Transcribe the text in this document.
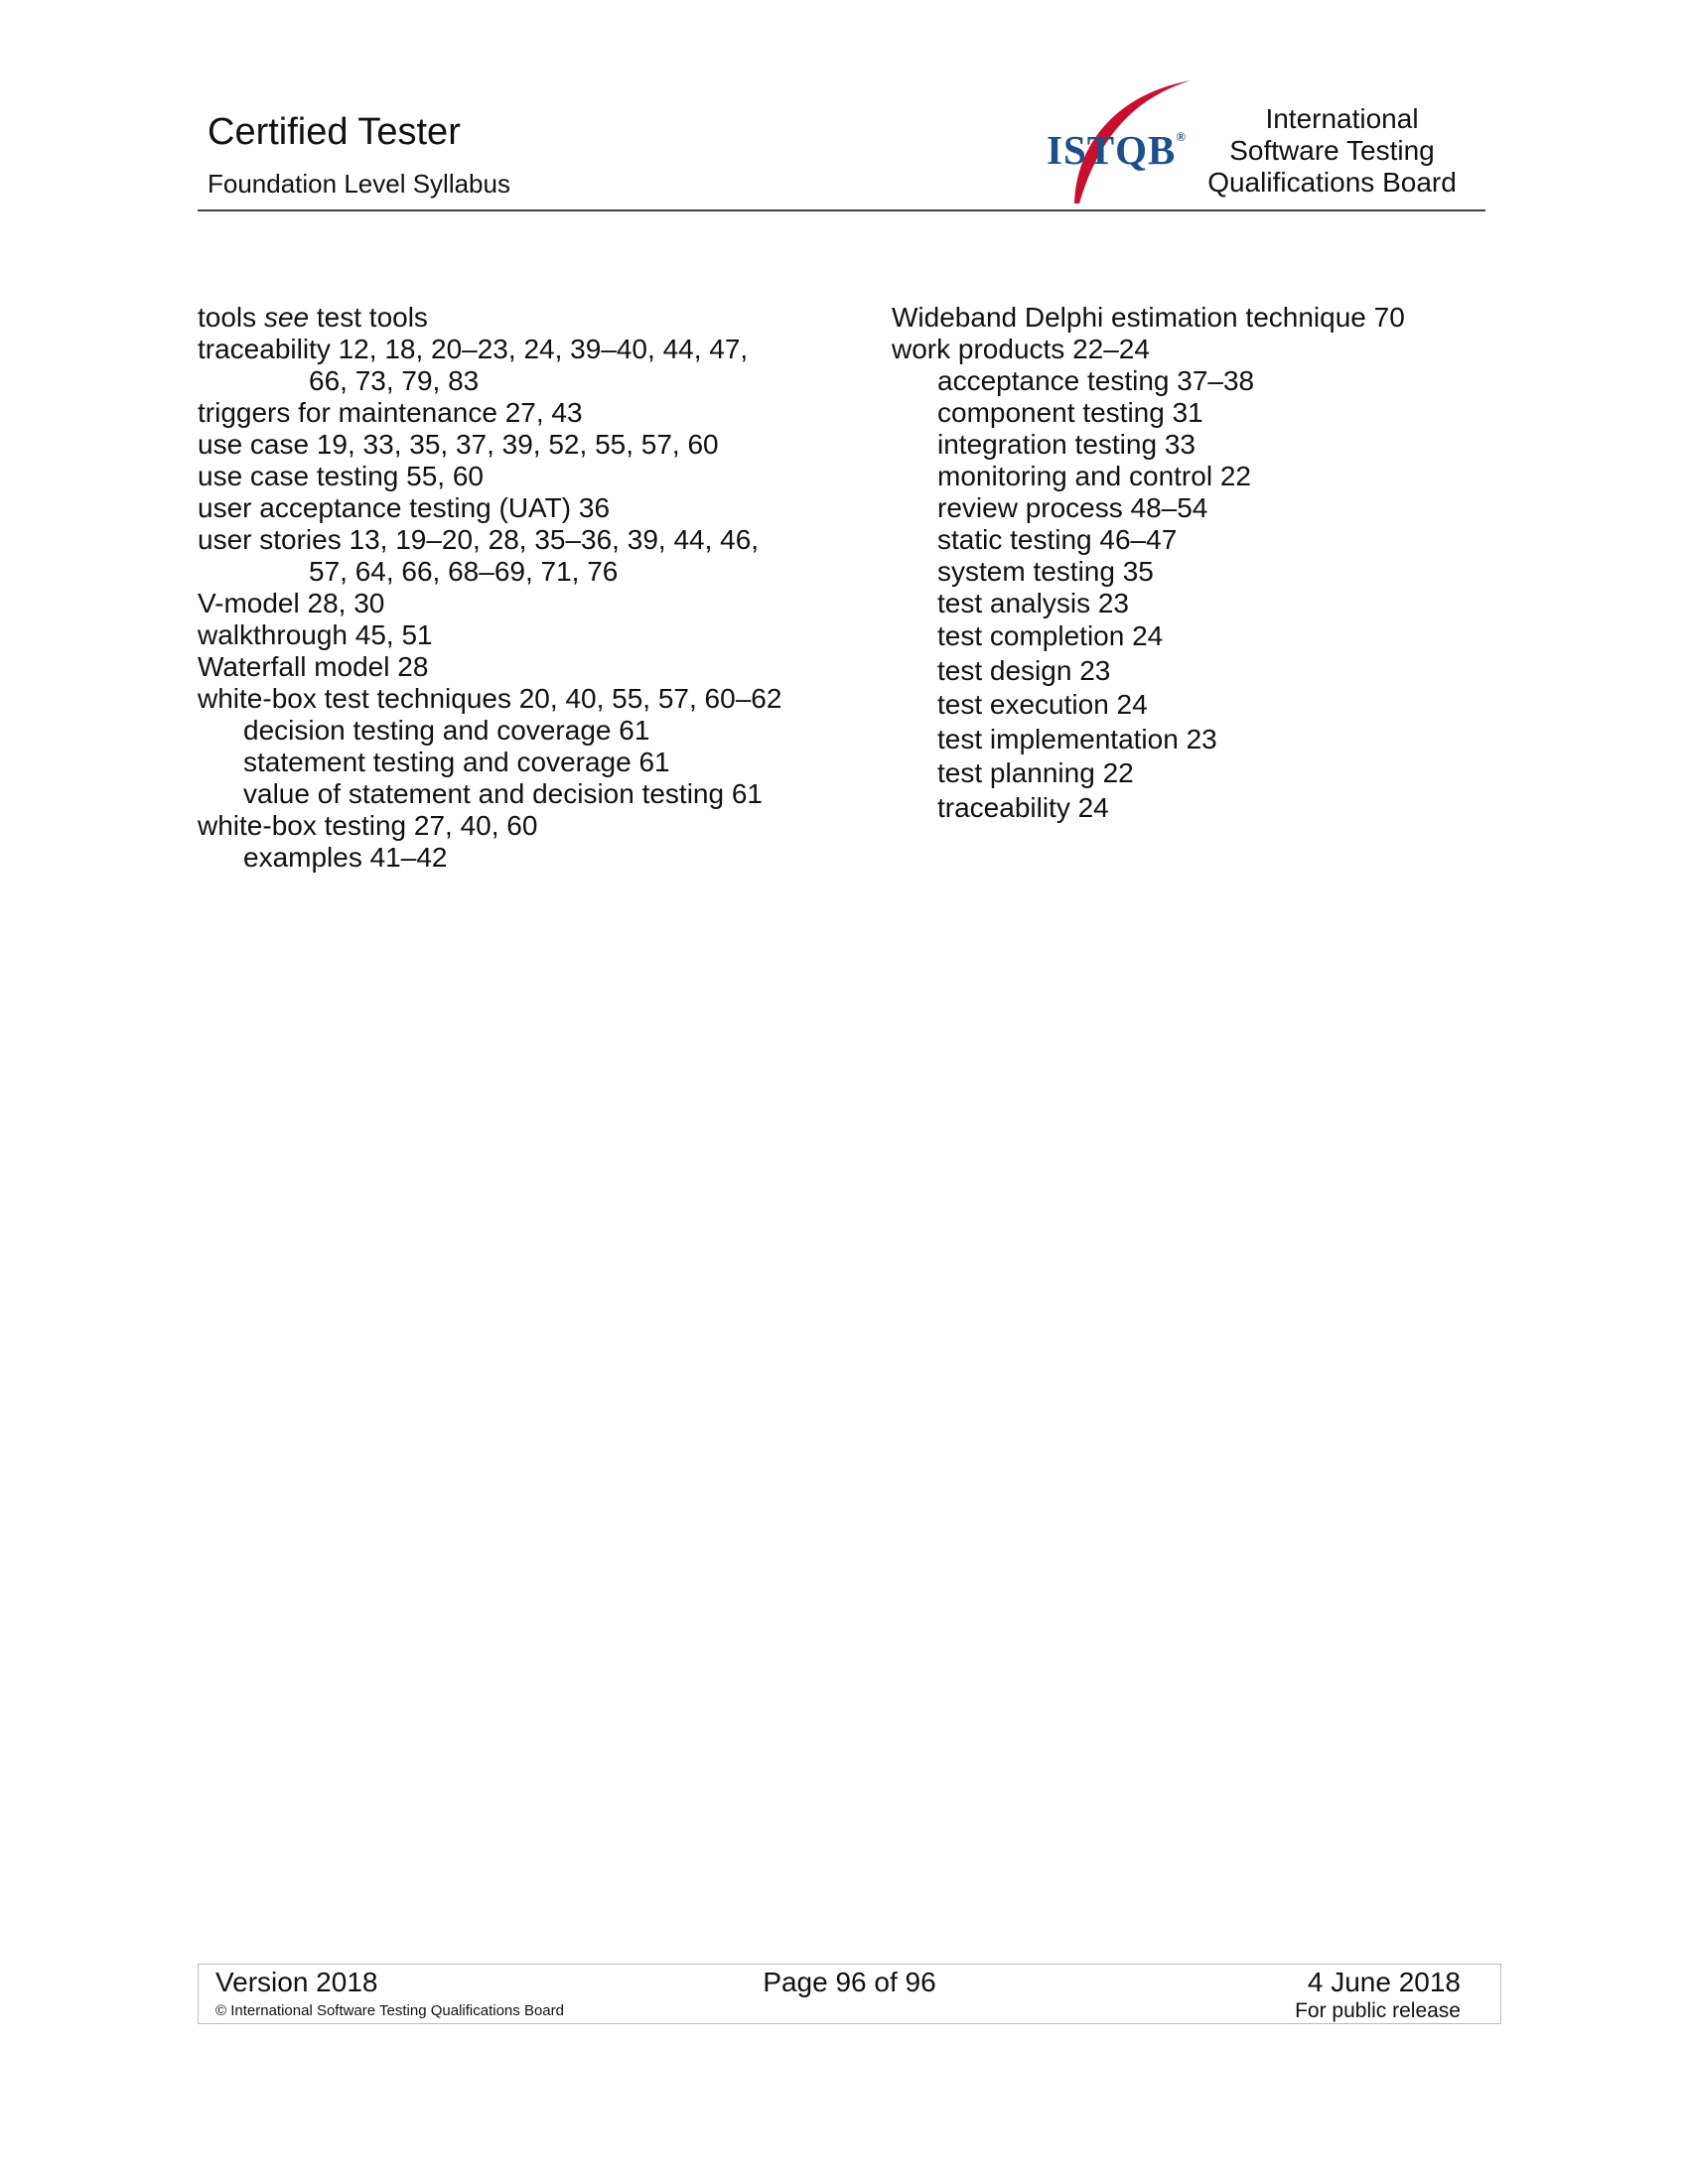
Certified Tester
Foundation Level Syllabus
ISTQB®
International
Software Testing
Qualifications Board
tools see test tools
traceability 12, 18, 20–23, 24, 39–40, 44, 47,
66, 73, 79, 83
triggers for maintenance 27, 43
use case 19, 33, 35, 37, 39, 52, 55, 57, 60
use case testing 55, 60
user acceptance testing (UAT) 36
user stories 13, 19–20, 28, 35–36, 39, 44, 46,
57, 64, 66, 68–69, 71, 76
V-model 28, 30
walkthrough 45, 51
Waterfall model 28
white-box test techniques 20, 40, 55, 57, 60–62
decision testing and coverage 61
statement testing and coverage 61
value of statement and decision testing 61
white-box testing 27, 40, 60
examples 41–42
Wideband Delphi estimation technique 70
work products 22–24
acceptance testing 37–38
component testing 31
integration testing 33
monitoring and control 22
review process 48–54
static testing 46–47
system testing 35
test analysis 23
test completion 24
test design 23
test execution 24
test implementation 23
test planning 22
traceability 24
Version 2018	Page 96 of 96	4 June 2018
© International Software Testing Qualifications Board	For public release
